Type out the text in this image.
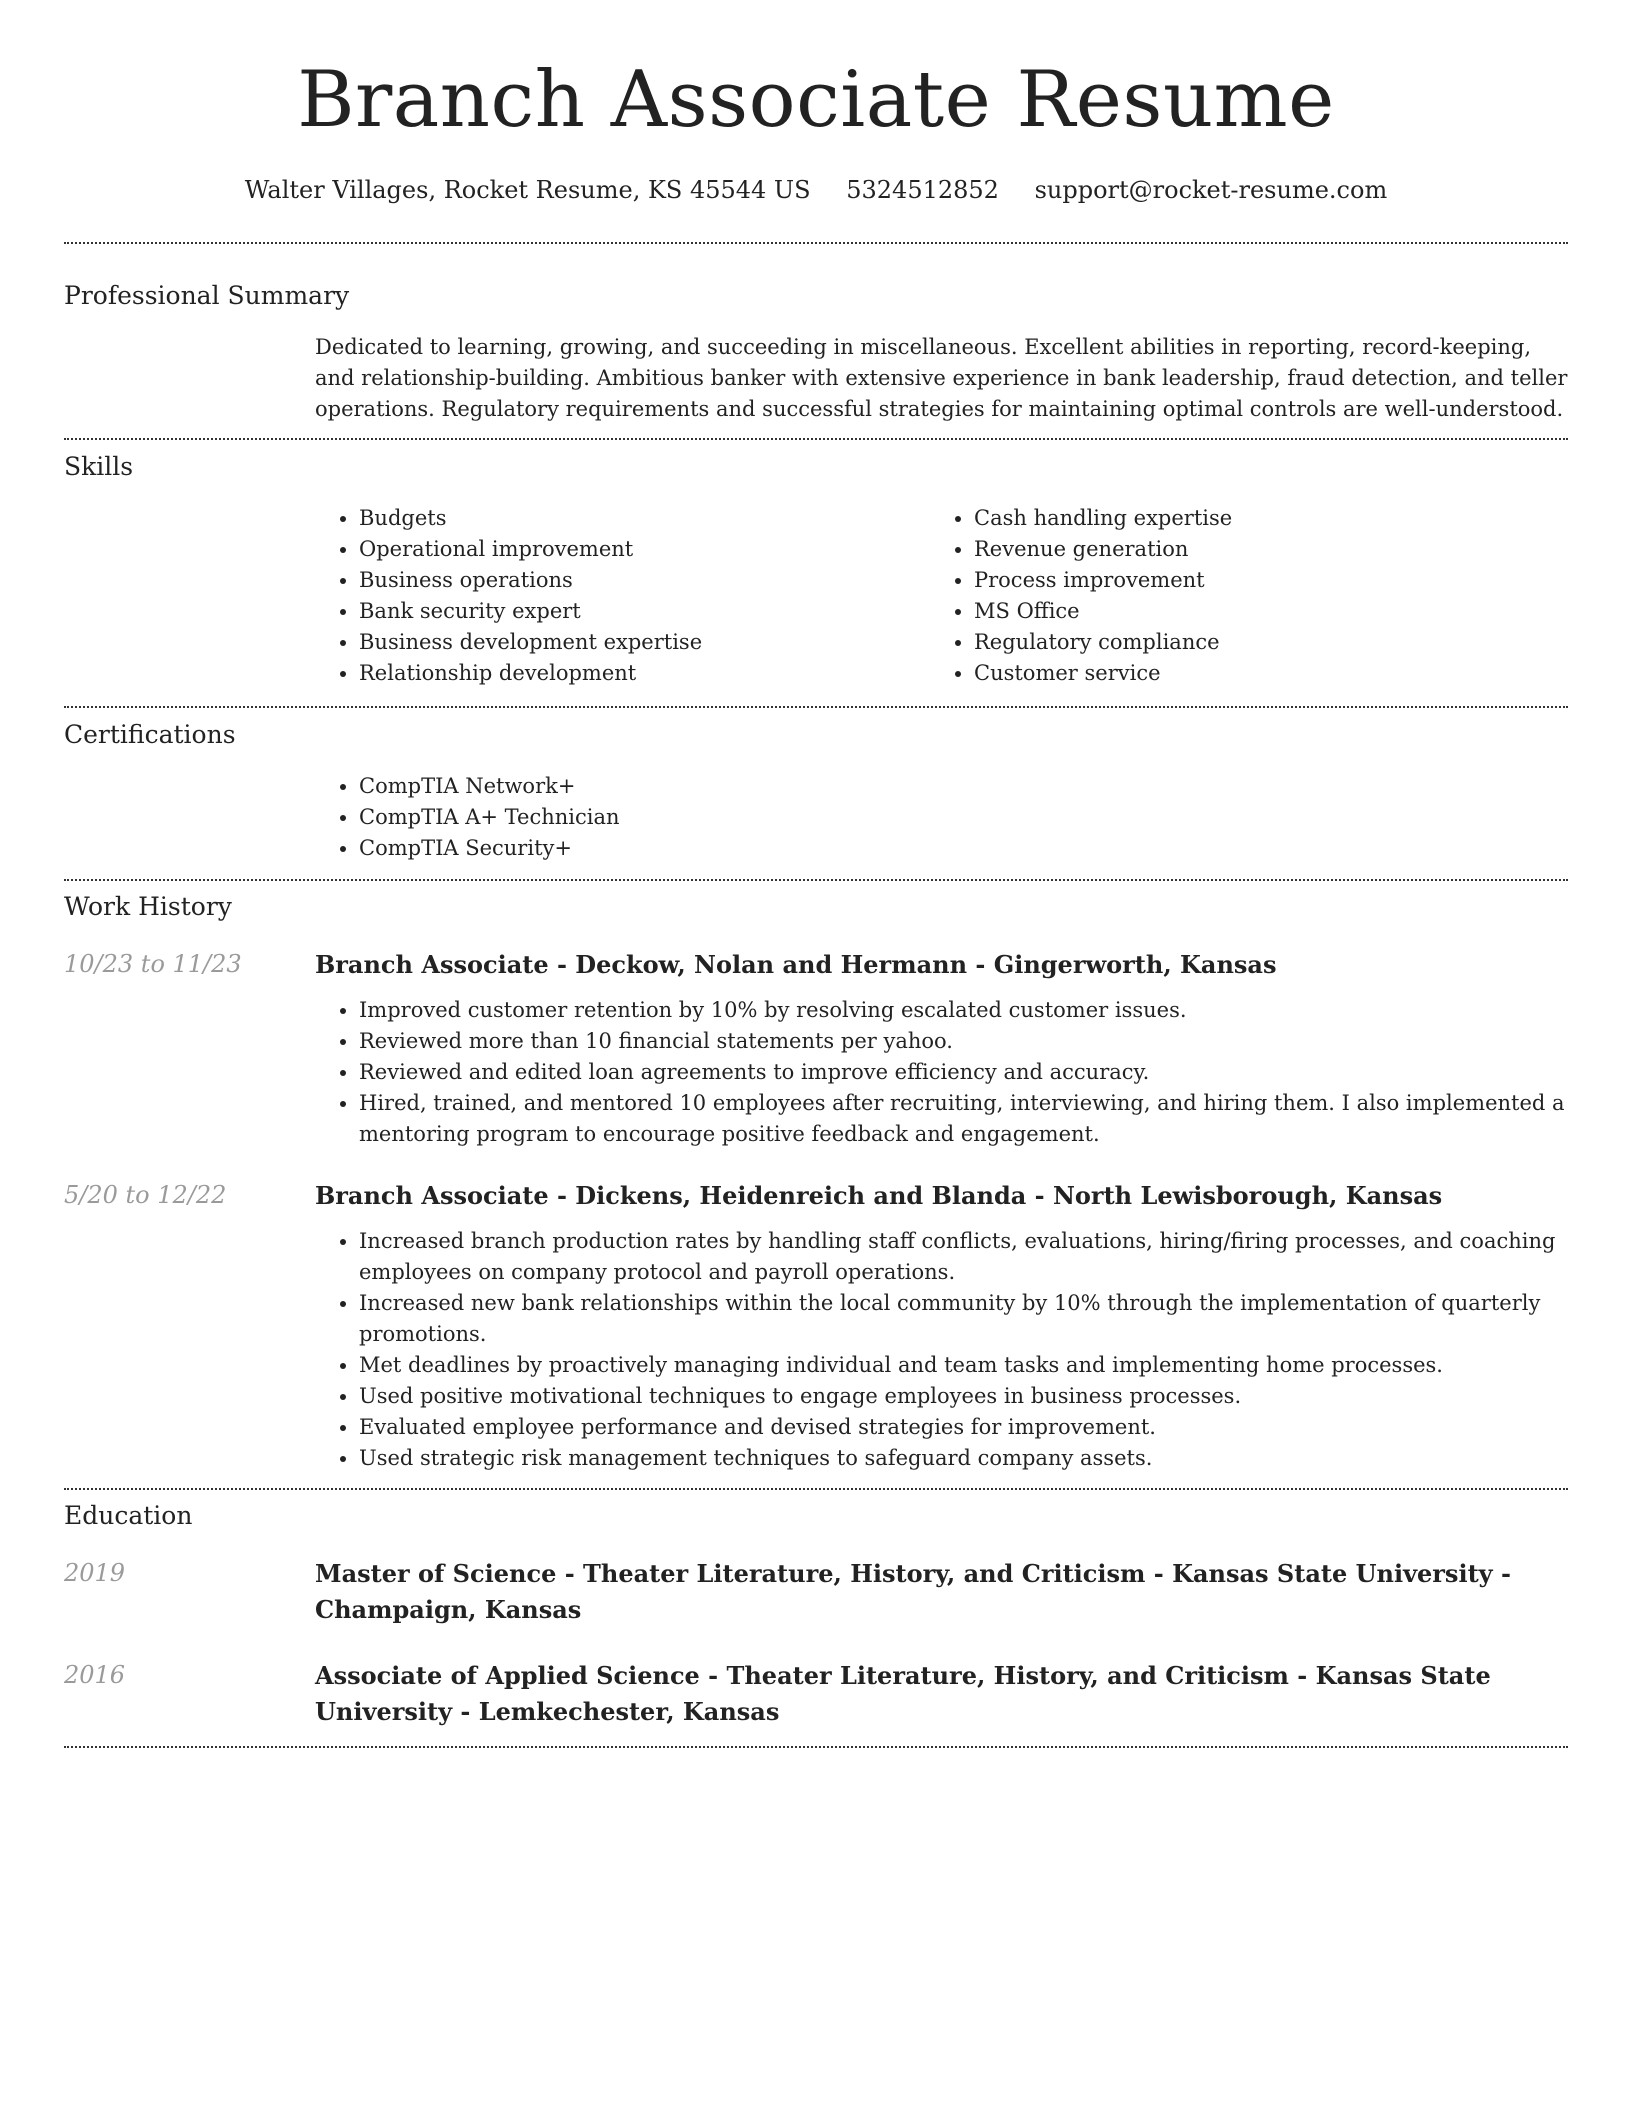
Branch Associate Resume
Walter Villages, Rocket Resume, KS 45544 US 5324512852 support@rocket-resume.com
Professional Summary

Dedicated to learning, growing, and succeeding in miscellaneous. Excellent abilities in reporting, record-keeping, and relationship-building. Ambitious banker with extensive experience in bank leadership, fraud detection, and teller operations. Regulatory requirements and successful strategies for maintaining optimal controls are well-understood.

Skills
• Budgets
• Operational improvement
• Business operations
• Bank security expert
• Business development expertise
• Relationship development
• Cash handling expertise
• Revenue generation
• Process improvement
• MS Office
• Regulatory compliance
• Customer service
Certifications
• CompTIA Network+
• CompTIA A+ Technician
• CompTIA Security+
Work History
10/23 to 11/23	Branch Associate - Deckow, Nolan and Hermann - Gingerworth, Kansas
• Improved customer retention by 10% by resolving escalated customer issues.
• Reviewed more than 10 financial statements per yahoo.
• Reviewed and edited loan agreements to improve efficiency and accuracy.
• Hired, trained, and mentored 10 employees after recruiting, interviewing, and hiring them. I also implemented a mentoring program to encourage positive feedback and engagement.
5/20 to 12/22	Branch Associate - Dickens, Heidenreich and Blanda - North Lewisborough, Kansas
• Increased branch production rates by handling staff conflicts, evaluations, hiring/firing processes, and coaching employees on company protocol and payroll operations.
• Increased new bank relationships within the local community by 10% through the implementation of quarterly promotions.
• Met deadlines by proactively managing individual and team tasks and implementing home processes.
• Used positive motivational techniques to engage employees in business processes.
• Evaluated employee performance and devised strategies for improvement.
• Used strategic risk management techniques to safeguard company assets.
Education
2019	Master of Science - Theater Literature, History, and Criticism - Kansas State University - Champaign, Kansas
2016	Associate of Applied Science - Theater Literature, History, and Criticism - Kansas State University - Lemkechester, Kansas
